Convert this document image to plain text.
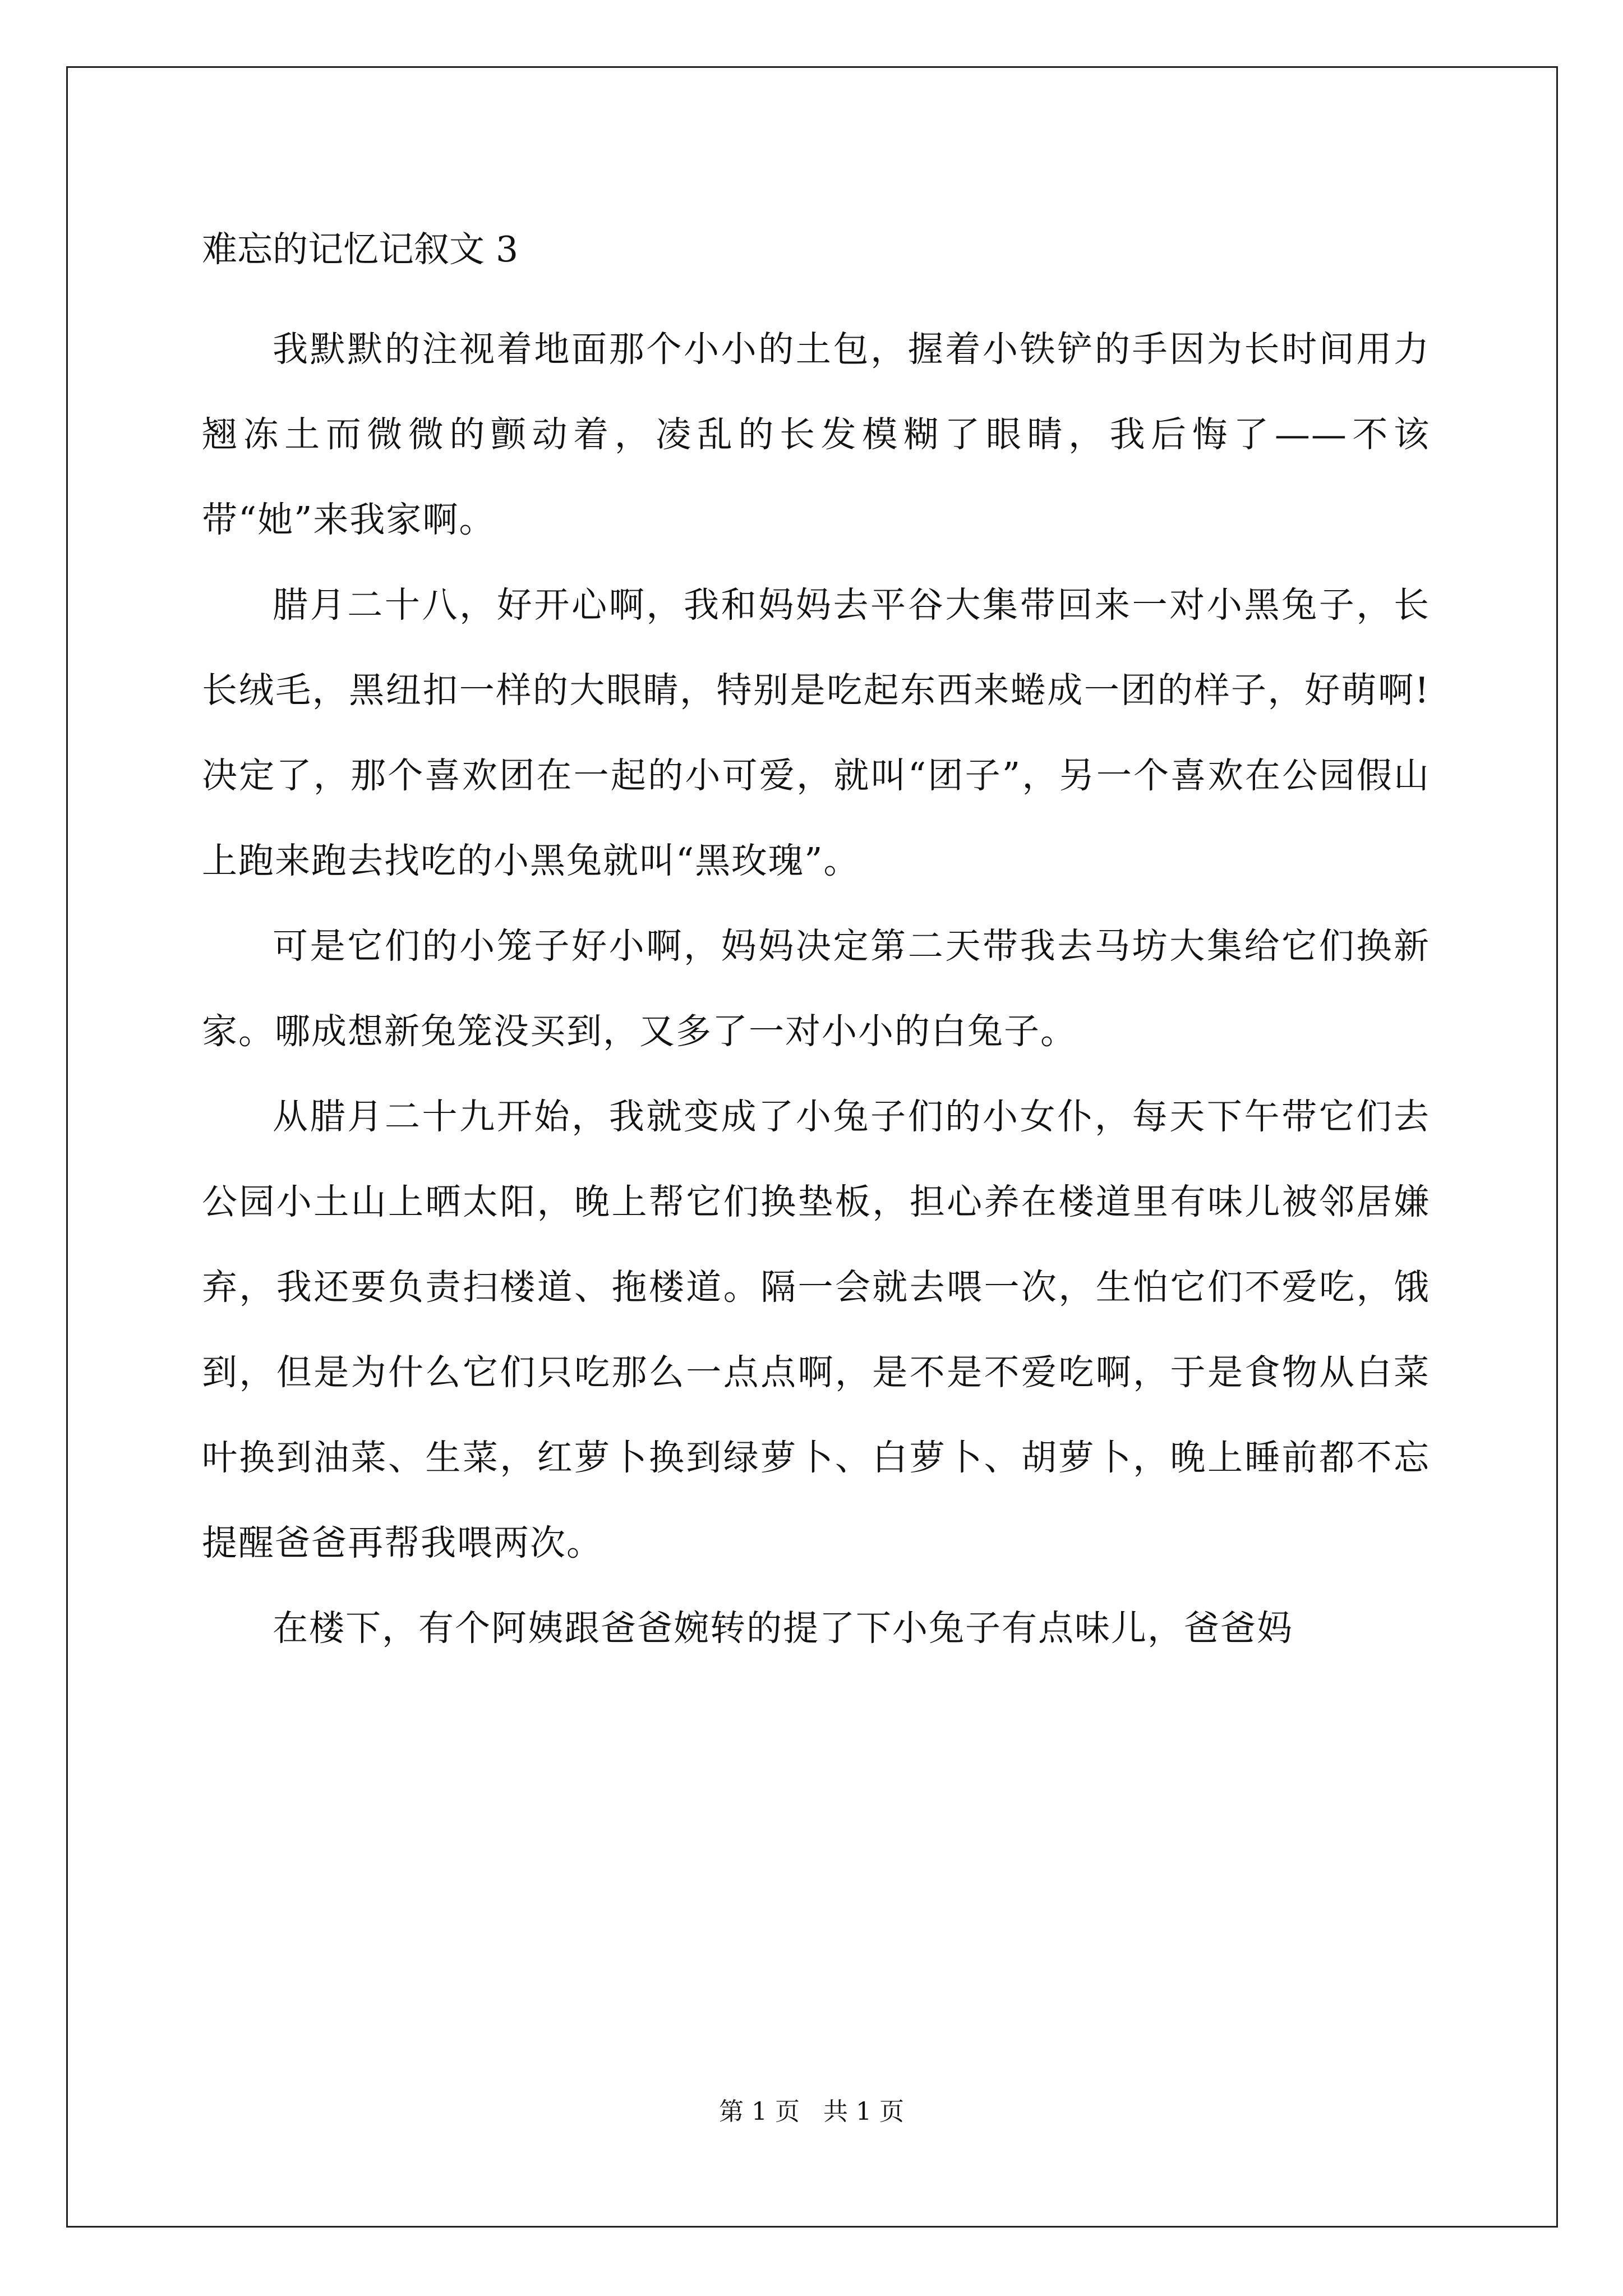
难忘的记忆记叙文 3

我默默的注视着地面那个小小的土包，握着小铁铲的手因为长时间用力翘冻土而微微的颤动着，凌乱的长发模糊了眼睛，我后悔了——不该带“她”来我家啊。

腊月二十八，好开心啊，我和妈妈去平谷大集带回来一对小黑兔子，长长绒毛，黑纽扣一样的大眼睛，特别是吃起东西来蜷成一团的样子，好萌啊!决定了，那个喜欢团在一起的小可爱，就叫“团子”，另一个喜欢在公园假山上跑来跑去找吃的小黑兔就叫“黑玫瑰”。

可是它们的小笼子好小啊，妈妈决定第二天带我去马坊大集给它们换新家。哪成想新兔笼没买到，又多了一对小小的白兔子。

从腊月二十九开始，我就变成了小兔子们的小女仆，每天下午带它们去公园小土山上晒太阳，晚上帮它们换垫板，担心养在楼道里有味儿被邻居嫌弃，我还要负责扫楼道、拖楼道。隔一会就去喂一次，生怕它们不爱吃，饿到，但是为什么它们只吃那么一点点啊，是不是不爱吃啊，于是食物从白菜叶换到油菜、生菜，红萝卜换到绿萝卜、白萝卜、胡萝卜，晚上睡前都不忘提醒爸爸再帮我喂两次。

在楼下，有个阿姨跟爸爸婉转的提了下小兔子有点味儿，爸爸妈

第 1 页 共 1 页
